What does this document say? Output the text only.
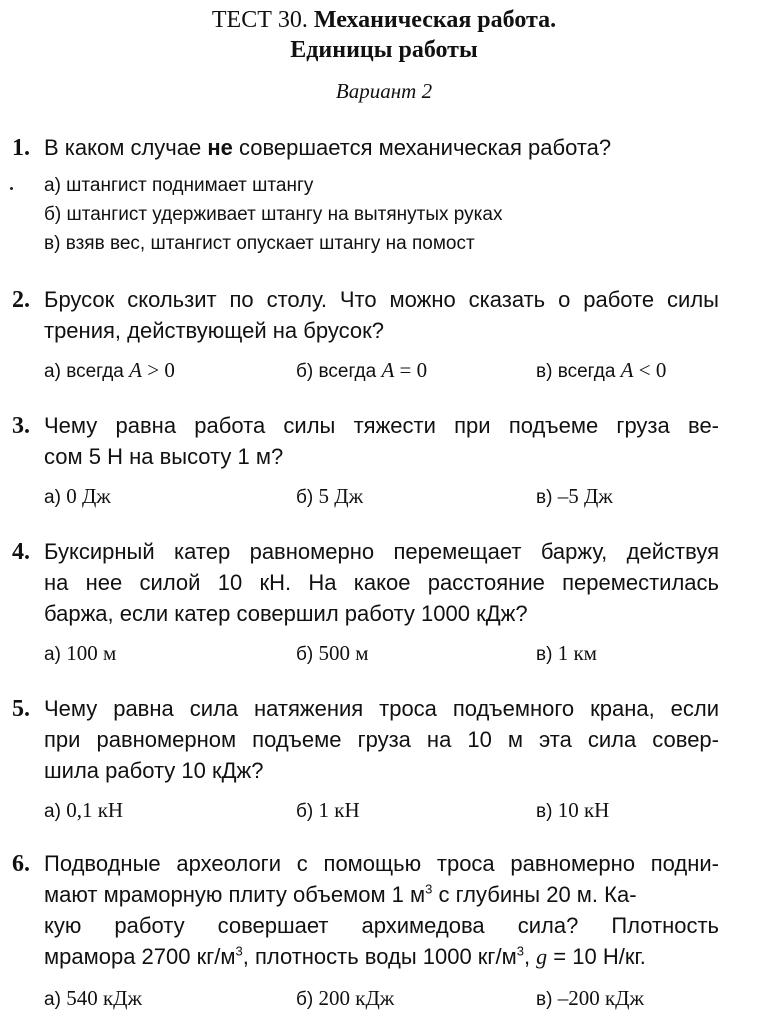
ТЕСТ 30. Механическая работа.
Единицы работы
Вариант 2
1. В каком случае не совершается механическая работа?
а) штангист поднимает штангу
б) штангист удерживает штангу на вытянутых руках
в) взяв вес, штангист опускает штангу на помост
2. Брусок скользит по столу. Что можно сказать о работе силы
трения, действующей на брусок?
а) всегда A > 0	б) всегда A = 0	в) всегда A < 0
3. Чему равна работа силы тяжести при подъеме груза ве-
сом 5 Н на высоту 1 м?
а) 0 Дж	б) 5 Дж	в) –5 Дж
4. Буксирный катер равномерно перемещает баржу, действуя
на нее силой 10 кН. На какое расстояние переместилась
баржа, если катер совершил работу 1000 кДж?
а) 100 м	б) 500 м	в) 1 км
5. Чему равна сила натяжения троса подъемного крана, если
при равномерном подъеме груза на 10 м эта сила совер-
шила работу 10 кДж?
а) 0,1 кН	б) 1 кН	в) 10 кН
6. Подводные археологи с помощью троса равномерно подни-
мают мраморную плиту объемом 1 $м^3$ с глубины 20 м. Ка-
кую работу совершает архимедова сила? Плотность
мрамора 2700 $кг/м^3$, плотность воды 1000 $кг/м^3$, g = 10 Н/кг.
а) 540 кДж	б) 200 кДж	в) –200 кДж
